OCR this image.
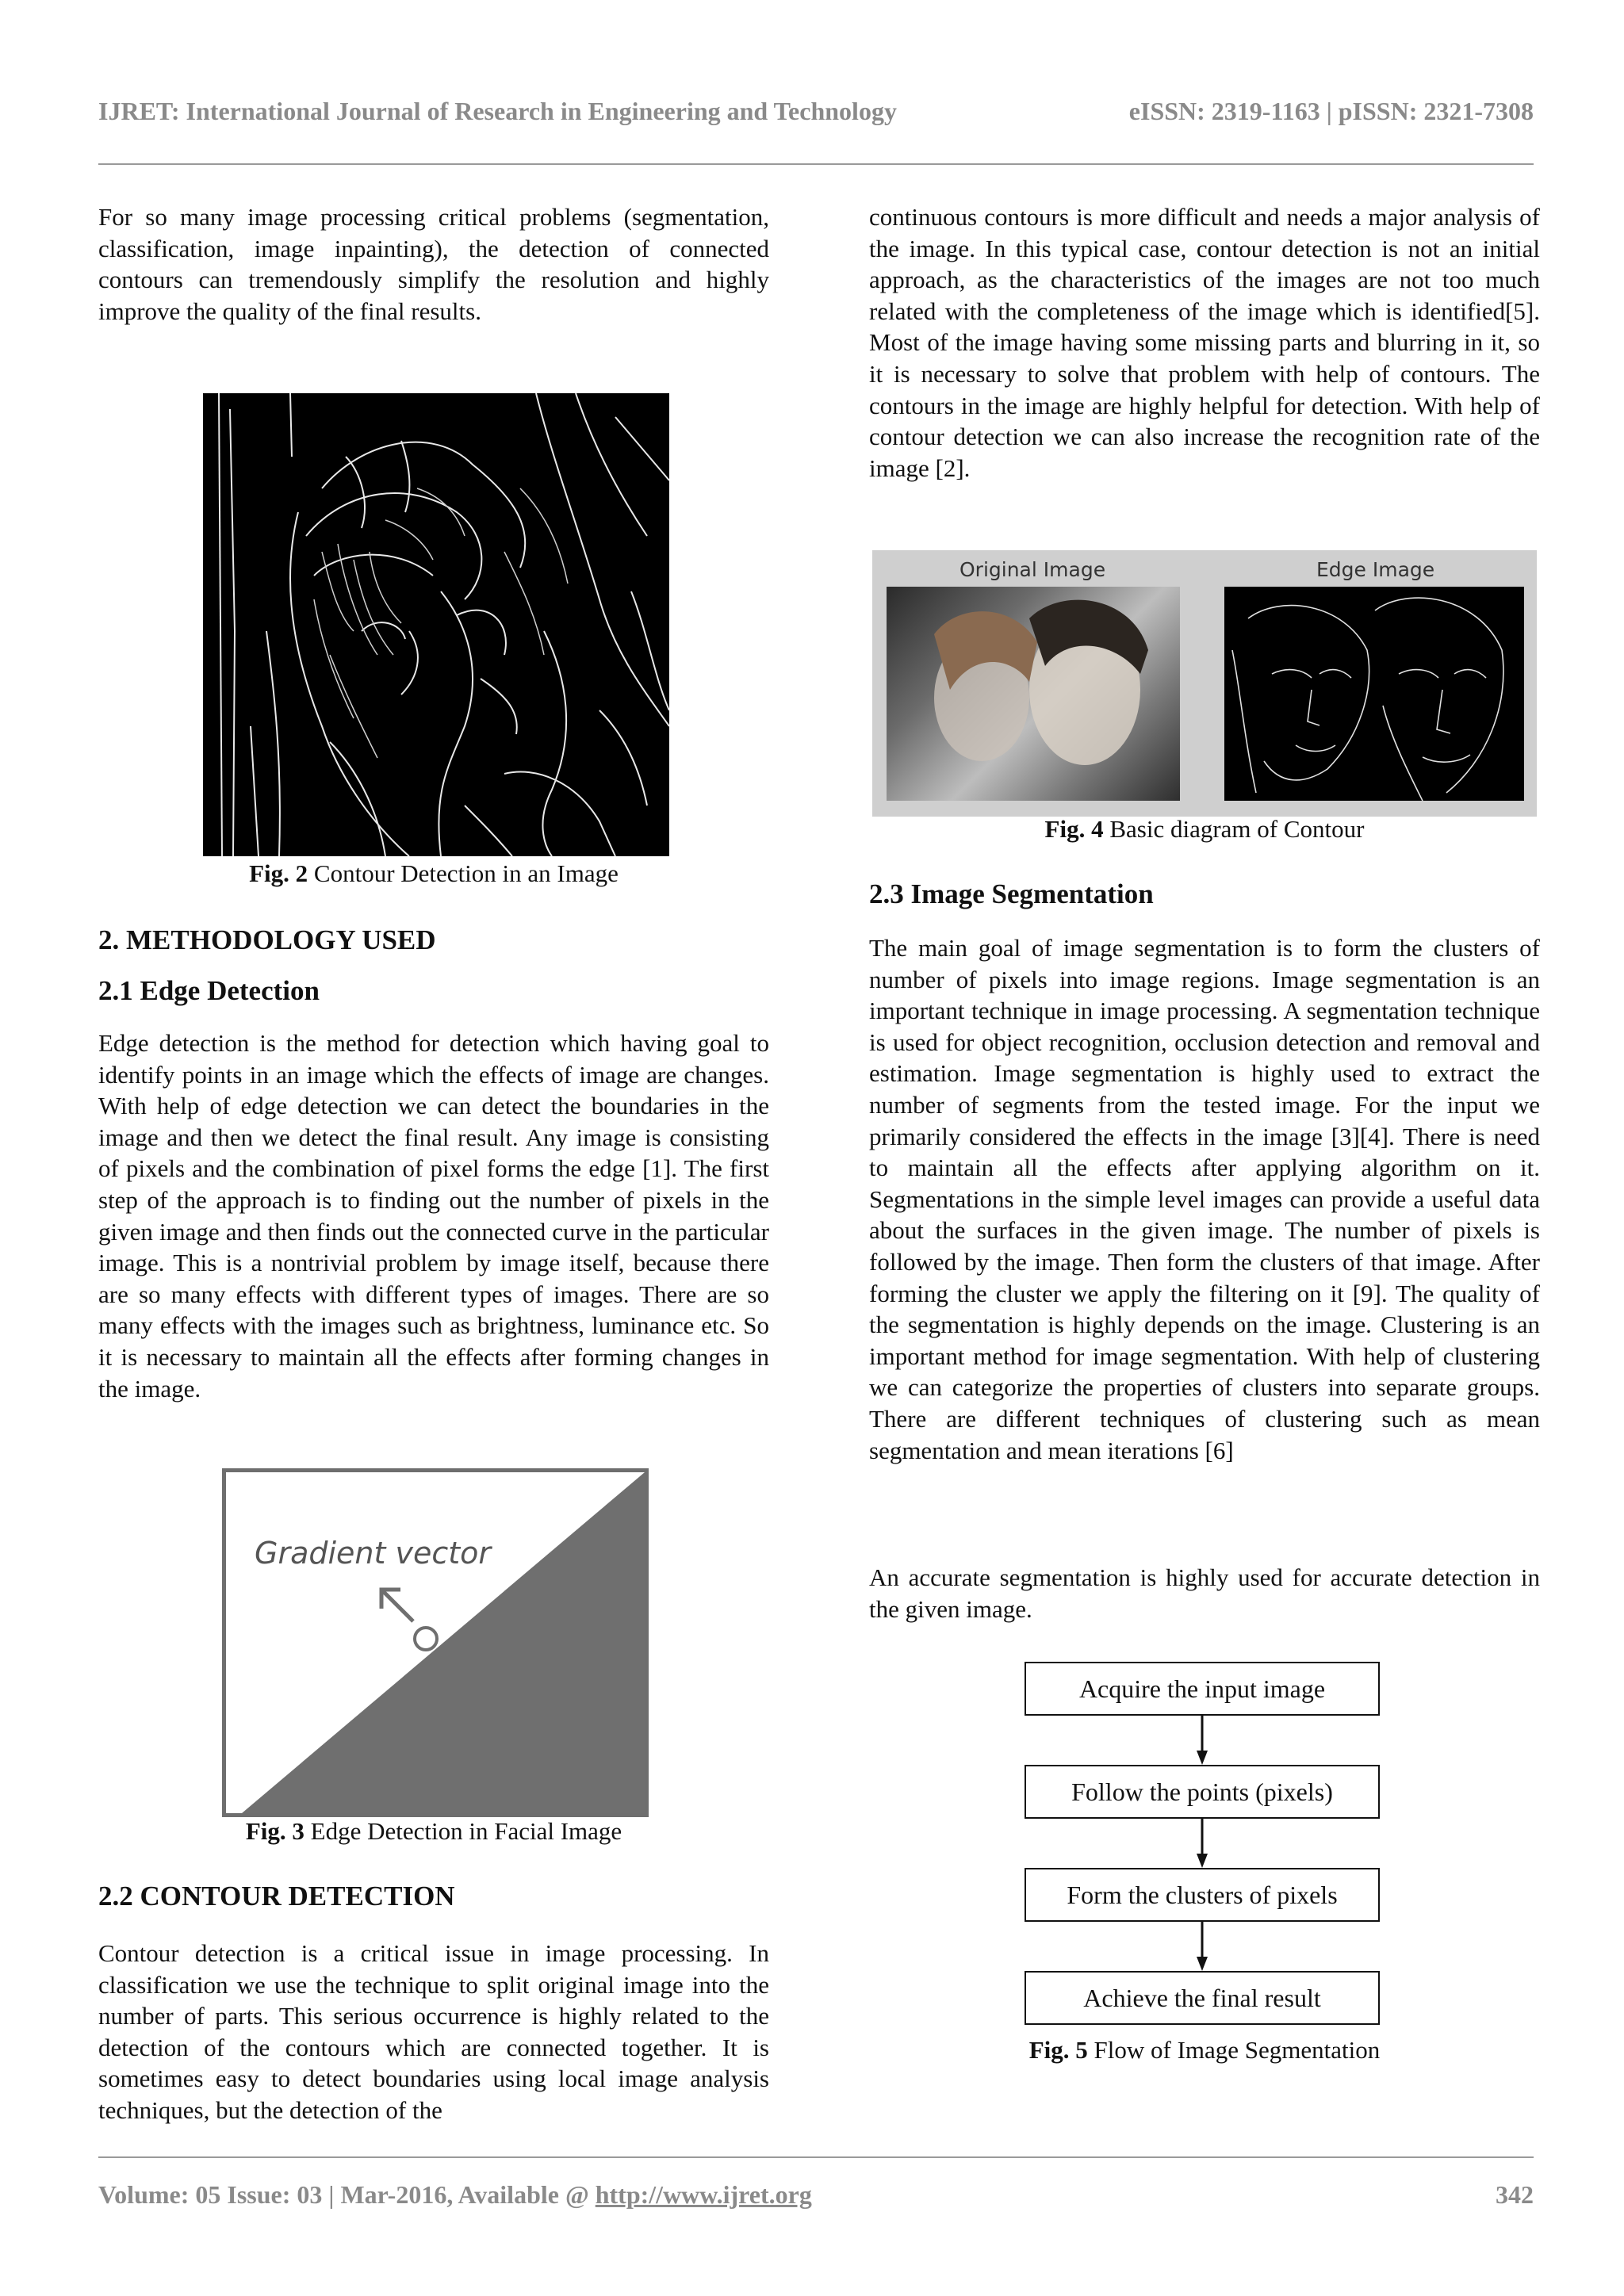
IJRET: International Journal of Research in Engineering and Technology	eISSN: 2319-1163 | pISSN: 2321-7308
For so many image processing critical problems (segmentation, classification, image inpainting), the detection of connected contours can tremendously simplify the resolution and highly improve the quality of the final results.
Fig. 2 Contour Detection in an Image
2. METHODOLOGY USED
2.1 Edge Detection
Edge detection is the method for detection which having goal to identify points in an image which the effects of image are changes. With help of edge detection we can detect the boundaries in the image and then we detect the final result. Any image is consisting of pixels and the combination of pixel forms the edge [1]. The first step of the approach is to finding out the number of pixels in the given image and then finds out the connected curve in the particular image. This is a nontrivial problem by image itself, because there are so many effects with different types of images. There are so many effects with the images such as brightness, luminance etc. So it is necessary to maintain all the effects after forming changes in the image.
Gradient vector
Fig. 3 Edge Detection in Facial Image
2.2 CONTOUR DETECTION
Contour detection is a critical issue in image processing. In classification we use the technique to split original image into the number of parts. This serious occurrence is highly related to the detection of the contours which are connected together. It is sometimes easy to detect boundaries using local image analysis techniques, but the detection of the
continuous contours is more difficult and needs a major analysis of the image. In this typical case, contour detection is not an initial approach, as the characteristics of the images are not too much related with the completeness of the image which is identified[5]. Most of the image having some missing parts and blurring in it, so it is necessary to solve that problem with help of contours. The contours in the image are highly helpful for detection. With help of contour detection we can also increase the recognition rate of the image [2].
Original Image	Edge Image
Fig. 4 Basic diagram of Contour
2.3 Image Segmentation
The main goal of image segmentation is to form the clusters of number of pixels into image regions. Image segmentation is an important technique in image processing. A segmentation technique is used for object recognition, occlusion detection and removal and estimation. Image segmentation is highly used to extract the number of segments from the tested image. For the input we primarily considered the effects in the image [3][4]. There is need to maintain all the effects after applying algorithm on it. Segmentations in the simple level images can provide a useful data about the surfaces in the given image. The number of pixels is followed by the image. Then form the clusters of that image. After forming the cluster we apply the filtering on it [9]. The quality of the segmentation is highly depends on the image. Clustering is an important method for image segmentation. With help of clustering we can categorize the properties of clusters into separate groups. There are different techniques of clustering such as mean segmentation and mean iterations [6]
An accurate segmentation is highly used for accurate detection in the given image.
Acquire the input image
Follow the points (pixels)
Form the clusters of pixels
Achieve the final result
Fig. 5 Flow of Image Segmentation
Volume: 05 Issue: 03 | Mar-2016, Available @ http://www.ijret.org	342
